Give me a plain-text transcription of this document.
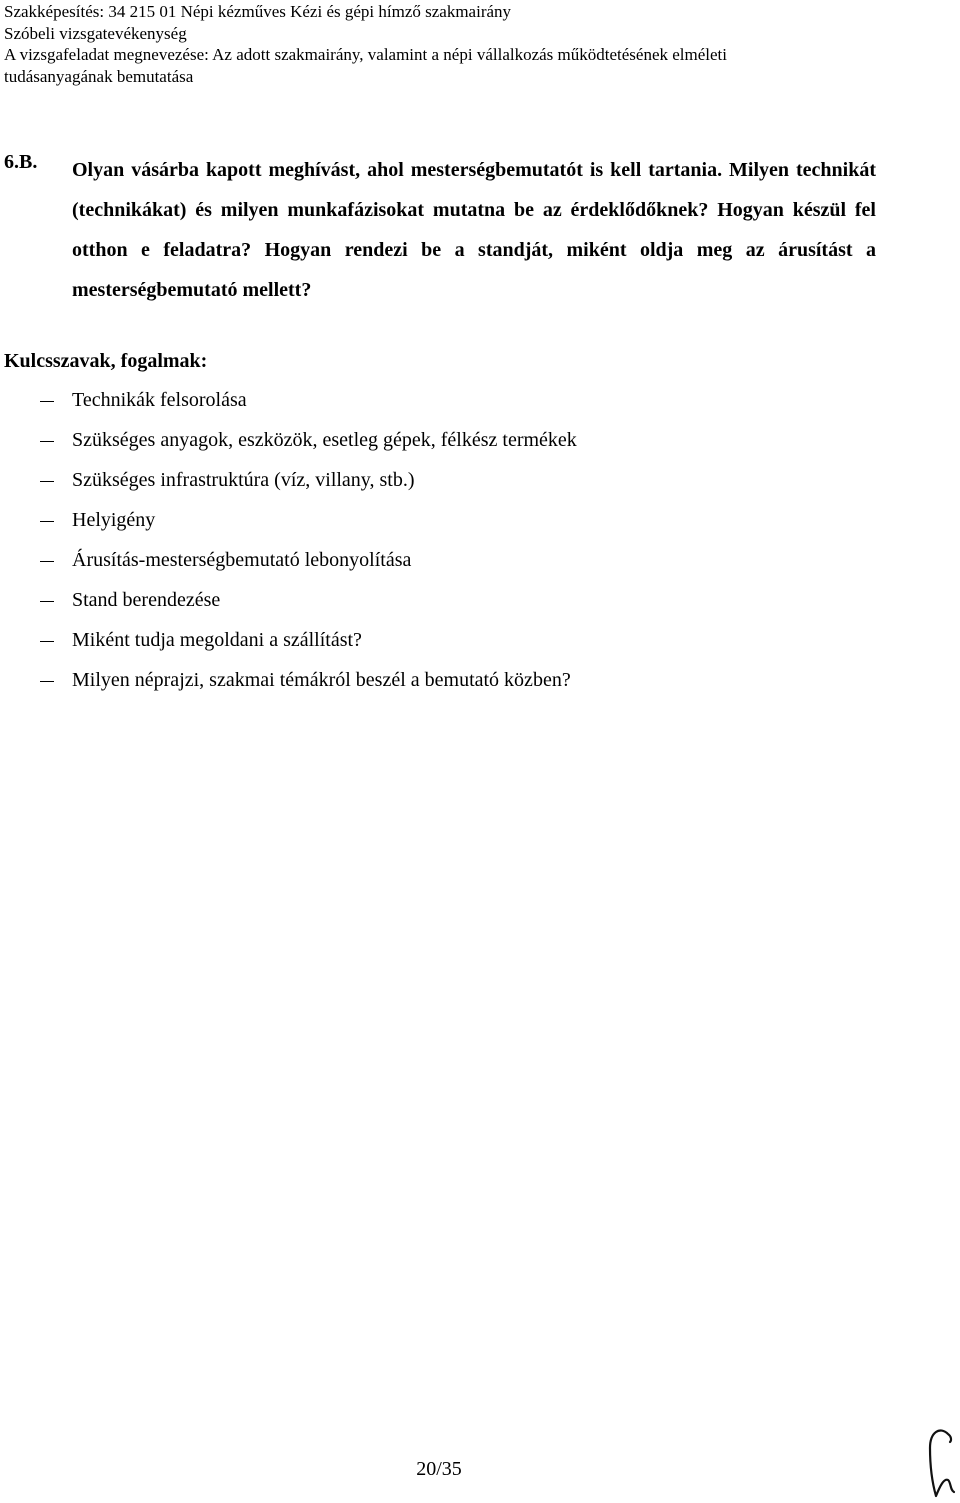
Szakképesítés: 34 215 01 Népi kézműves Kézi és gépi hímző szakmairány
Szóbeli vizsgatevékenység
A vizsgafeladat megnevezése: Az adott szakmairány, valamint a népi vállalkozás működtetésének elméleti
tudásanyagának bemutatása
6.B. Olyan vásárba kapott meghívást, ahol mesterségbemutatót is kell tartania. Milyen technikát (technikákat) és milyen munkafázisokat mutatna be az érdeklődőknek? Hogyan készül fel otthon e feladatra? Hogyan rendezi be a standját, miként oldja meg az árusítást a mesterségbemutató mellett?
Kulcsszavak, fogalmak:
Technikák felsorolása
Szükséges anyagok, eszközök, esetleg gépek, félkész termékek
Szükséges infrastruktúra (víz, villany, stb.)
Helyigény
Árusítás-mesterségbemutató lebonyolítása
Stand berendezése
Miként tudja megoldani a szállítást?
Milyen néprajzi, szakmai témákról beszél a bemutató közben?
20/35
